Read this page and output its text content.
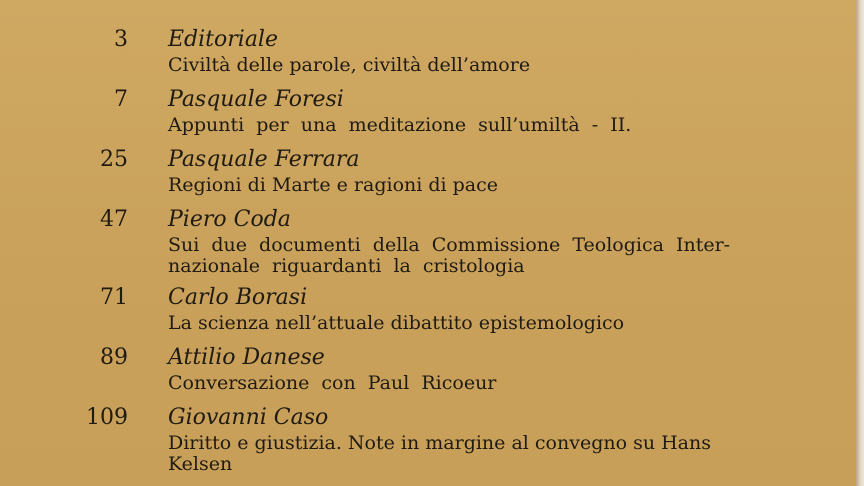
3 Editoriale
Civiltà delle parole, civiltà dell’amore
7 Pasquale Foresi
Appunti per una meditazione sull’umiltà - II.
25 Pasquale Ferrara
Regioni di Marte e ragioni di pace
47 Piero Coda
Sui due documenti della Commissione Teologica Inter-
nazionale riguardanti la cristologia
71 Carlo Borasi
La scienza nell’attuale dibattito epistemologico
89 Attilio Danese
Conversazione con Paul Ricoeur
109 Giovanni Caso
Diritto e giustizia. Note in margine al convegno su Hans
Kelsen
